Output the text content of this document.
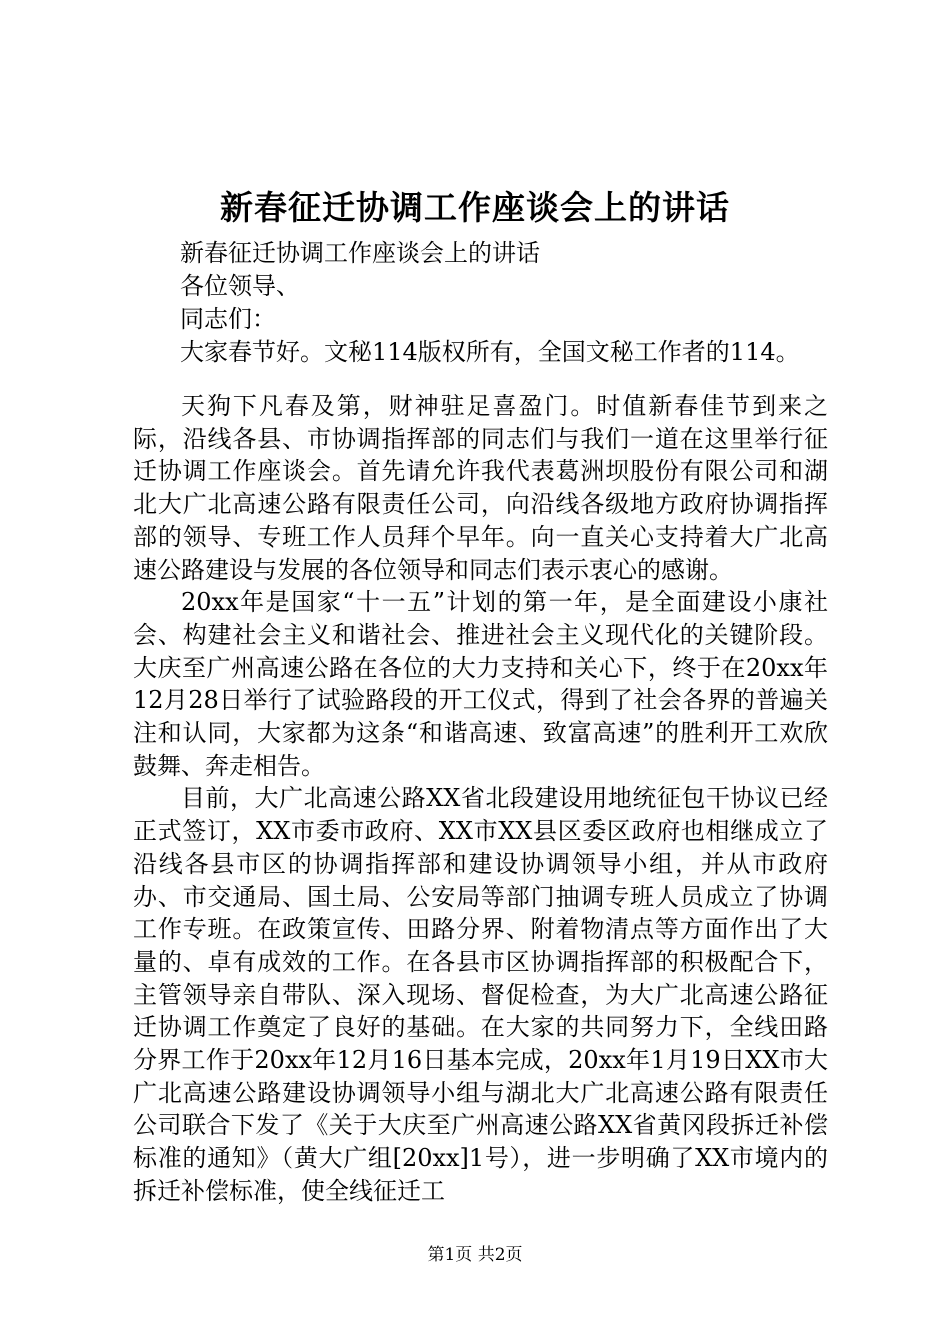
新春征迁协调工作座谈会上的讲话
新春征迁协调工作座谈会上的讲话
各位领导、
同志们：
大家春节好。文秘114版权所有，全国文秘工作者的114。

天狗下凡春及第，财神驻足喜盈门。时值新春佳节到来之际，沿线各县、市协调指挥部的同志们与我们一道在这里举行征迁协调工作座谈会。首先请允许我代表葛洲坝股份有限公司和湖北大广北高速公路有限责任公司，向沿线各级地方政府协调指挥部的领导、专班工作人员拜个早年。向一直关心支持着大广北高速公路建设与发展的各位领导和同志们表示衷心的感谢。

20xx年是国家“十一五”计划的第一年，是全面建设小康社会、构建社会主义和谐社会、推进社会主义现代化的关键阶段。大庆至广州高速公路在各位的大力支持和关心下，终于在20xx年12月28日举行了试验路段的开工仪式，得到了社会各界的普遍关注和认同，大家都为这条“和谐高速、致富高速”的胜利开工欢欣鼓舞、奔走相告。

目前，大广北高速公路XX省北段建设用地统征包干协议已经正式签订，XX市委市政府、XX市XX县区委区政府也相继成立了沿线各县市区的协调指挥部和建设协调领导小组，并从市政府办、市交通局、国土局、公安局等部门抽调专班人员成立了协调工作专班。在政策宣传、田路分界、附着物清点等方面作出了大量的、卓有成效的工作。在各县市区协调指挥部的积极配合下，主管领导亲自带队、深入现场、督促检查，为大广北高速公路征迁协调工作奠定了良好的基础。在大家的共同努力下，全线田路分界工作于20xx年12月16日基本完成，20xx年1月19日XX市大广北高速公路建设协调领导小组与湖北大广北高速公路有限责任公司联合下发了《关于大庆至广州高速公路XX省黄冈段拆迁补偿标准的通知》（黄大广组[20xx]1号），进一步明确了XX市境内的拆迁补偿标准，使全线征迁工

第1页 共2页
